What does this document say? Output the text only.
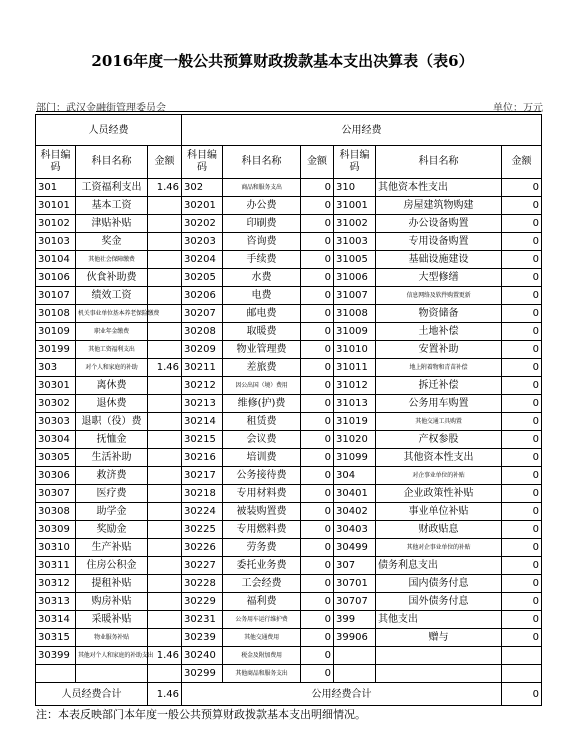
2016年度一般公共预算财政拨款基本支出决算表（表6）
部门：武汉金融街管理委员会	单位：万元
人员经费			公用经费					
科目编码	科目名称	金额	科目编码	科目名称	金额	科目编码	科目名称	金额
301	工资福利支出	1.46	302	商品和服务支出	0	310	其他资本性支出	0
30101	基本工资		30201	办公费	0	31001	房屋建筑物购建	0
30102	津贴补贴		30202	印刷费	0	31002	办公设备购置	0
30103	奖金		30203	咨询费	0	31003	专用设备购置	0
30104	其他社会保障缴费		30204	手续费	0	31005	基础设施建设	0
30106	伙食补助费		30205	水费	0	31006	大型修缮	0
30107	绩效工资		30206	电费	0	31007	信息网络及软件购置更新	0
30108	机关事业单位基本养老保险缴费		30207	邮电费	0	31008	物资储备	0
30109	职业年金缴费		30208	取暖费	0	31009	土地补偿	0
30199	其他工资福利支出		30209	物业管理费	0	31010	安置补助	0
303	对个人和家庭的补助	1.46	30211	差旅费	0	31011	地上附着物和青苗补偿	0
30301	离休费		30212	因公出国（境）费用	0	31012	拆迁补偿	0
30302	退休费		30213	维修(护)费	0	31013	公务用车购置	0
30303	退职（役）费		30214	租赁费	0	31019	其他交通工具购置	0
30304	抚恤金		30215	会议费	0	31020	产权参股	0
30305	生活补助		30216	培训费	0	31099	其他资本性支出	0
30306	救济费		30217	公务接待费	0	304	对企事业单位的补贴	0
30307	医疗费		30218	专用材料费	0	30401	企业政策性补贴	0
30308	助学金		30224	被装购置费	0	30402	事业单位补贴	0
30309	奖励金		30225	专用燃料费	0	30403	财政贴息	0
30310	生产补贴		30226	劳务费	0	30499	其他对企事业单位的补贴	0
30311	住房公积金		30227	委托业务费	0	307	债务利息支出	0
30312	提租补贴		30228	工会经费	0	30701	国内债务付息	0
30313	购房补贴		30229	福利费	0	30707	国外债务付息	0
30314	采暖补贴		30231	公务用车运行维护费	0	399	其他支出	0
30315	物业服务补贴		30239	其他交通费用	0	39906	赠与	0
30399	其他对个人和家庭的补助支出	1.46	30240	税金及附加费用	0			
			30299	其他商品和服务支出	0			
人员经费合计		1.46	公用经费合计					0
注：本表反映部门本年度一般公共预算财政拨款基本支出明细情况。
